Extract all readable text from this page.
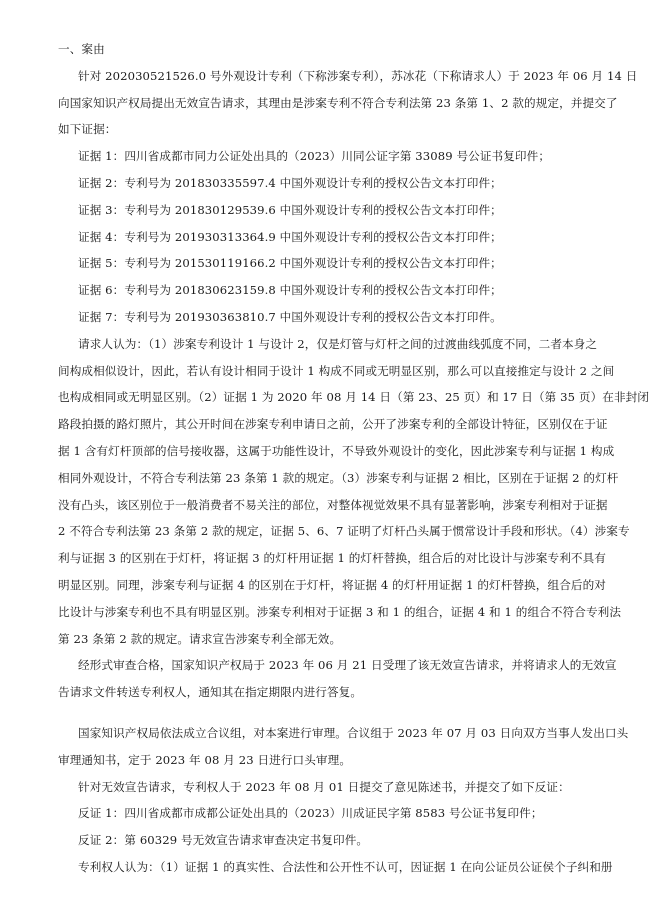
一、案由
针对 202030521526.0 号外观设计专利（下称涉案专利），苏冰花（下称请求人）于 2023 年 06 月 14 日
向国家知识产权局提出无效宣告请求，其理由是涉案专利不符合专利法第 23 条第 1、2 款的规定，并提交了
如下证据：
证据 1：四川省成都市同力公证处出具的（2023）川同公证字第 33089 号公证书复印件；
证据 2：专利号为 201830335597.4 中国外观设计专利的授权公告文本打印件；
证据 3：专利号为 201830129539.6 中国外观设计专利的授权公告文本打印件；
证据 4：专利号为 201930313364.9 中国外观设计专利的授权公告文本打印件；
证据 5：专利号为 201530119166.2 中国外观设计专利的授权公告文本打印件；
证据 6：专利号为 201830623159.8 中国外观设计专利的授权公告文本打印件；
证据 7：专利号为 201930363810.7 中国外观设计专利的授权公告文本打印件。
请求人认为：（1）涉案专利设计 1 与设计 2，仅是灯管与灯杆之间的过渡曲线弧度不同，二者本身之
间构成相似设计，因此，若认有设计相同于设计 1 构成不同或无明显区别，那么可以直接推定与设计 2 之间
也构成相同或无明显区别。（2）证据 1 为 2020 年 08 月 14 日（第 23、25 页）和 17 日（第 35 页）在非封闭
路段拍摄的路灯照片，其公开时间在涉案专利申请日之前，公开了涉案专利的全部设计特征，区别仅在于证
据 1 含有灯杆顶部的信号接收器，这属于功能性设计，不导致外观设计的变化，因此涉案专利与证据 1 构成
相同外观设计，不符合专利法第 23 条第 1 款的规定。（3）涉案专利与证据 2 相比，区别在于证据 2 的灯杆
没有凸头，该区别位于一般消费者不易关注的部位，对整体视觉效果不具有显著影响，涉案专利相对于证据
2 不符合专利法第 23 条第 2 款的规定，证据 5、6、7 证明了灯杆凸头属于惯常设计手段和形状。（4）涉案专
利与证据 3 的区别在于灯杆，将证据 3 的灯杆用证据 1 的灯杆替换，组合后的对比设计与涉案专利不具有
明显区别。同理，涉案专利与证据 4 的区别在于灯杆，将证据 4 的灯杆用证据 1 的灯杆替换，组合后的对
比设计与涉案专利也不具有明显区别。涉案专利相对于证据 3 和 1 的组合，证据 4 和 1 的组合不符合专利法
第 23 条第 2 款的规定。请求宣告涉案专利全部无效。
经形式审查合格，国家知识产权局于 2023 年 06 月 21 日受理了该无效宣告请求，并将请求人的无效宣
告请求文件转送专利权人，通知其在指定期限内进行答复。
国家知识产权局依法成立合议组，对本案进行审理。合议组于 2023 年 07 月 03 日向双方当事人发出口头
审理通知书，定于 2023 年 08 月 23 日进行口头审理。
针对无效宣告请求，专利权人于 2023 年 08 月 01 日提交了意见陈述书，并提交了如下反证：
反证 1：四川省成都市成都公证处出具的（2023）川成证民字第 8583 号公证书复印件；
反证 2：第 60329 号无效宣告请求审查决定书复印件。
专利权人认为：（1）证据 1 的真实性、合法性和公开性不认可，因证据 1 在向公证员公证侯个子纠和册
